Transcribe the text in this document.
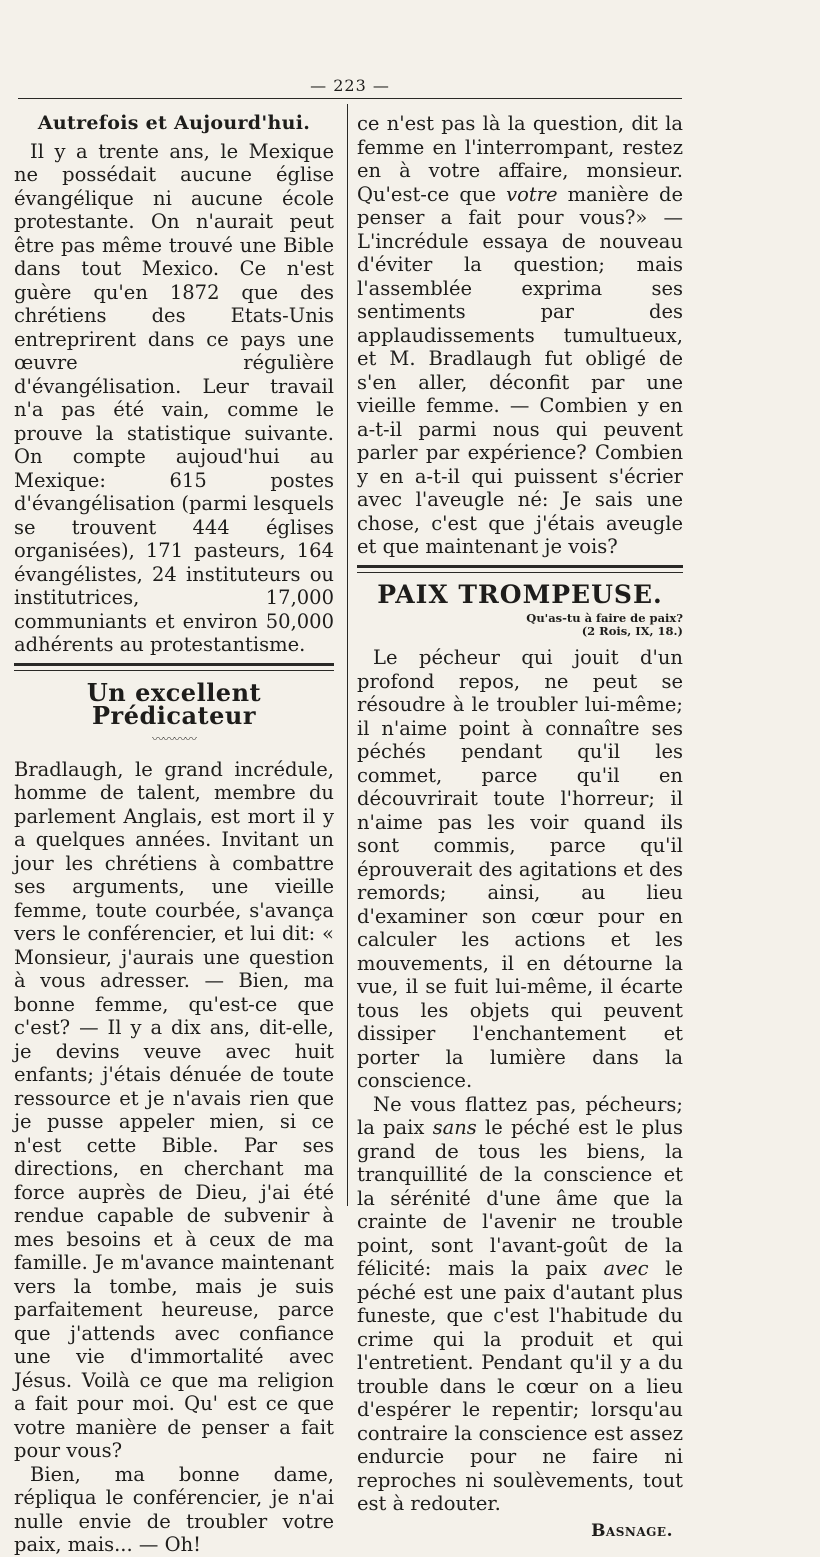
— 223 —
Autrefois et Aujourd'hui.

Il y a trente ans, le Mexique ne possédait aucune église évangélique ni aucune école protestante. On n'aurait peut être pas même trouvé une Bible dans tout Mexico. Ce n'est guère qu'en 1872 que des chrétiens des Etats-Unis entreprirent dans ce pays une œuvre régulière d'évangélisation. Leur travail n'a pas été vain, comme le prouve la statistique suivante. On compte aujoud'hui au Mexique: 615 postes d'évangélisation (parmi lesquels se trouvent 444 églises organisées), 171 pasteurs, 164 évangélistes, 24 instituteurs ou institutrices, 17,000 communiants et environ 50,000 adhérents au protestantisme.

Un excellent Prédicateur
〰〰〰〰

Bradlaugh, le grand incrédule, homme de talent, membre du parlement Anglais, est mort il y a quelques années. Invitant un jour les chrétiens à combattre ses arguments, une vieille femme, toute courbée, s'avança vers le conférencier, et lui dit: « Monsieur, j'aurais une question à vous adresser. — Bien, ma bonne femme, qu'est-ce que c'est? — Il y a dix ans, dit-elle, je devins veuve avec huit enfants; j'étais dénuée de toute ressource et je n'avais rien que je pusse appeler mien, si ce n'est cette Bible. Par ses directions, en cherchant ma force auprès de Dieu, j'ai été rendue capable de subvenir à mes besoins et à ceux de ma famille. Je m'avance maintenant vers la tombe, mais je suis parfaitement heureuse, parce que j'attends avec confiance une vie d'immortalité avec Jésus. Voilà ce que ma religion a fait pour moi. Qu' est ce que votre manière de penser a fait pour vous?

Bien, ma bonne dame, répliqua le conférencier, je n'ai nulle envie de troubler votre paix, mais... — Oh!

ce n'est pas là la question, dit la femme en l'interrompant, restez en à votre affaire, monsieur. Qu'est-ce que votre manière de penser a fait pour vous?» — L'incrédule essaya de nouveau d'éviter la question; mais l'assemblée exprima ses sentiments par des applaudissements tumultueux, et M. Bradlaugh fut obligé de s'en aller, déconfit par une vieille femme. — Combien y en a-t-il parmi nous qui peuvent parler par expérience? Combien y en a-t-il qui puissent s'écrier avec l'aveugle né: Je sais une chose, c'est que j'étais aveugle et que maintenant je vois?

PAIX TROMPEUSE.
Qu'as-tu à faire de paix?
(2 Rois, IX, 18.)

Le pécheur qui jouit d'un profond repos, ne peut se résoudre à le troubler lui-même; il n'aime point à connaître ses péchés pendant qu'il les commet, parce qu'il en découvrirait toute l'horreur; il n'aime pas les voir quand ils sont commis, parce qu'il éprouverait des agitations et des remords; ainsi, au lieu d'examiner son cœur pour en calculer les actions et les mouvements, il en détourne la vue, il se fuit lui-même, il écarte tous les objets qui peuvent dissiper l'enchantement et porter la lumière dans la conscience.

Ne vous flattez pas, pécheurs; la paix sans le péché est le plus grand de tous les biens, la tranquillité de la conscience et la sérénité d'une âme que la crainte de l'avenir ne trouble point, sont l'avant-goût de la félicité: mais la paix avec le péché est une paix d'autant plus funeste, que c'est l'habitude du crime qui la produit et qui l'entretient. Pendant qu'il y a du trouble dans le cœur on a lieu d'espérer le repentir; lorsqu'au contraire la conscience est assez endurcie pour ne faire ni reproches ni soulèvements, tout est à redouter.

Basnage.
